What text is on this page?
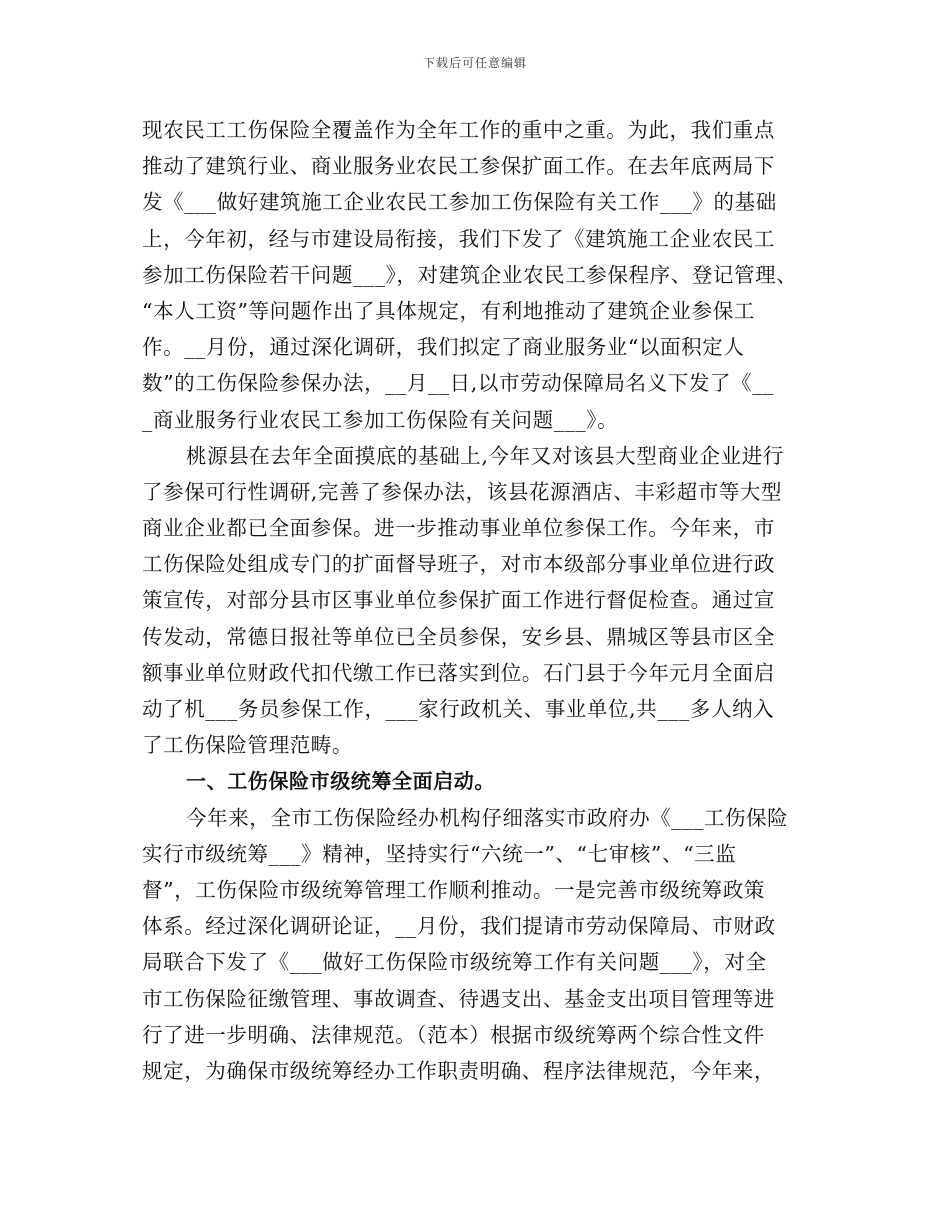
下载后可任意编辑
现农民工工伤保险全覆盖作为全年工作的重中之重。为此，我们重点
推动了建筑行业、商业服务业农民工参保扩面工作。在去年底两局下
发《___做好建筑施工企业农民工参加工伤保险有关工作___》的基础
上，今年初，经与市建设局衔接，我们下发了《建筑施工企业农民工
参加工伤保险若干问题___》，对建筑企业农民工参保程序、登记管理、
“本人工资”等问题作出了具体规定，有利地推动了建筑企业参保工
作。__月份，通过深化调研，我们拟定了商业服务业“以面积定人
数”的工伤保险参保办法，__月__日,以市劳动保障局名义下发了《__
_商业服务行业农民工参加工伤保险有关问题___》。
桃源县在去年全面摸底的基础上,今年又对该县大型商业企业进行
了参保可行性调研,完善了参保办法，该县花源酒店、丰彩超市等大型
商业企业都已全面参保。进一步推动事业单位参保工作。今年来，市
工伤保险处组成专门的扩面督导班子，对市本级部分事业单位进行政
策宣传，对部分县市区事业单位参保扩面工作进行督促检查。通过宣
传发动，常德日报社等单位已全员参保，安乡县、鼎城区等县市区全
额事业单位财政代扣代缴工作已落实到位。石门县于今年元月全面启
动了机___务员参保工作，___家行政机关、事业单位,共___多人纳入
了工伤保险管理范畴。
一、工伤保险市级统筹全面启动。
今年来，全市工伤保险经办机构仔细落实市政府办《___工伤保险
实行市级统筹___》精神，坚持实行“六统一”、“七审核”、“三监
督”，工伤保险市级统筹管理工作顺利推动。一是完善市级统筹政策
体系。经过深化调研论证，__月份，我们提请市劳动保障局、市财政
局联合下发了《___做好工伤保险市级统筹工作有关问题___》，对全
市工伤保险征缴管理、事故调查、待遇支出、基金支出项目管理等进
行了进一步明确、法律规范。（范本）根据市级统筹两个综合性文件
规定，为确保市级统筹经办工作职责明确、程序法律规范，今年来，
